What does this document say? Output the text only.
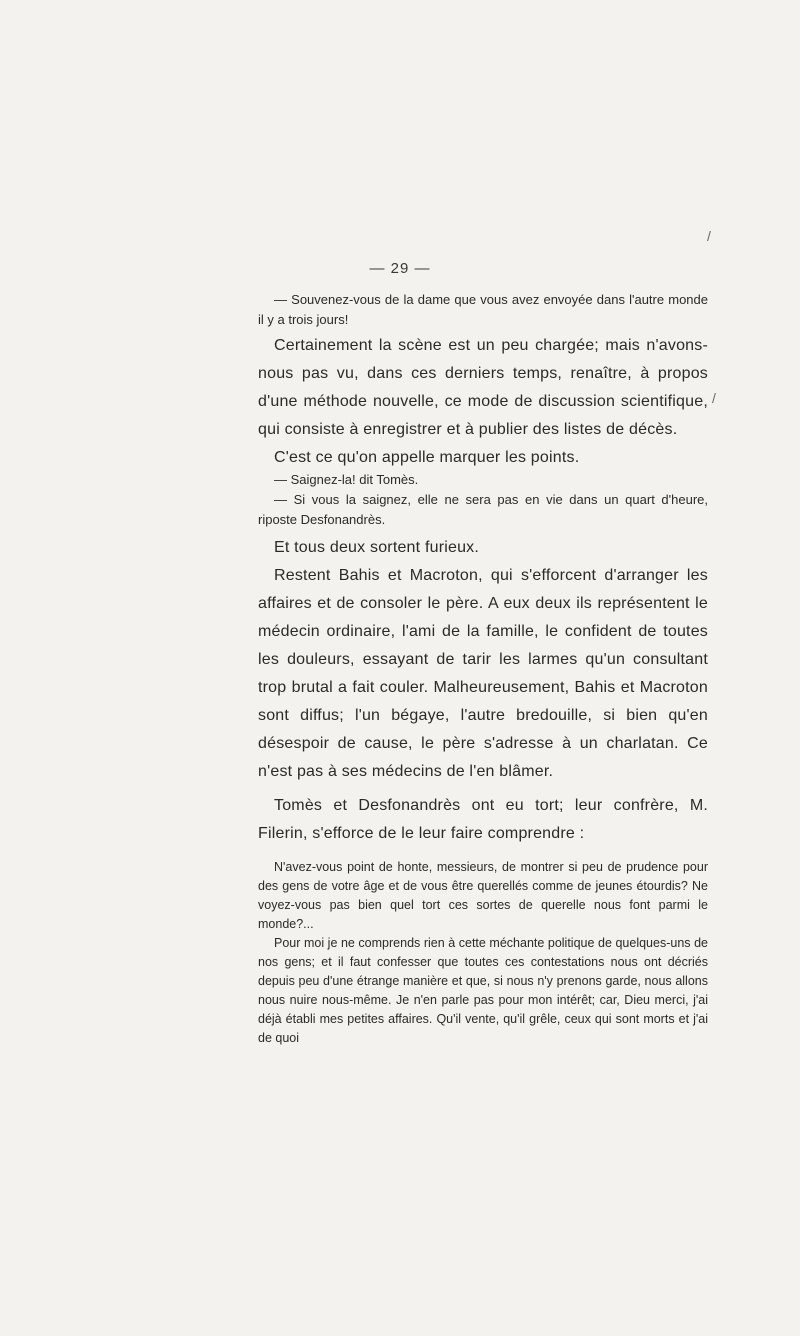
— 29 —
/
/

— Souvenez-vous de la dame que vous avez envoyée dans l'autre monde il y a trois jours!

Certainement la scène est un peu chargée; mais n'avons-nous pas vu, dans ces derniers temps, renaître, à propos d'une méthode nouvelle, ce mode de discussion scientifique, qui consiste à enregistrer et à publier des listes de décès.

C'est ce qu'on appelle marquer les points.

— Saignez-la! dit Tomès.

— Si vous la saignez, elle ne sera pas en vie dans un quart d'heure, riposte Desfonandrès.

Et tous deux sortent furieux.

Restent Bahis et Macroton, qui s'efforcent d'arranger les affaires et de consoler le père. A eux deux ils représentent le médecin ordinaire, l'ami de la famille, le confident de toutes les douleurs, essayant de tarir les larmes qu'un consultant trop brutal a fait couler. Malheureusement, Bahis et Macroton sont diffus; l'un bégaye, l'autre bredouille, si bien qu'en désespoir de cause, le père s'adresse à un charlatan. Ce n'est pas à ses médecins de l'en blâmer.

Tomès et Desfonandrès ont eu tort; leur confrère, M. Filerin, s'efforce de le leur faire comprendre :

N'avez-vous point de honte, messieurs, de montrer si peu de prudence pour des gens de votre âge et de vous être querellés comme de jeunes étourdis? Ne voyez-vous pas bien quel tort ces sortes de querelle nous font parmi le monde?...

Pour moi je ne comprends rien à cette méchante politique de quelques-uns de nos gens; et il faut confesser que toutes ces contestations nous ont décriés depuis peu d'une étrange manière et que, si nous n'y prenons garde, nous allons nous nuire nous-même. Je n'en parle pas pour mon intérêt; car, Dieu merci, j'ai déjà établi mes petites affaires. Qu'il vente, qu'il grêle, ceux qui sont morts et j'ai de quoi
